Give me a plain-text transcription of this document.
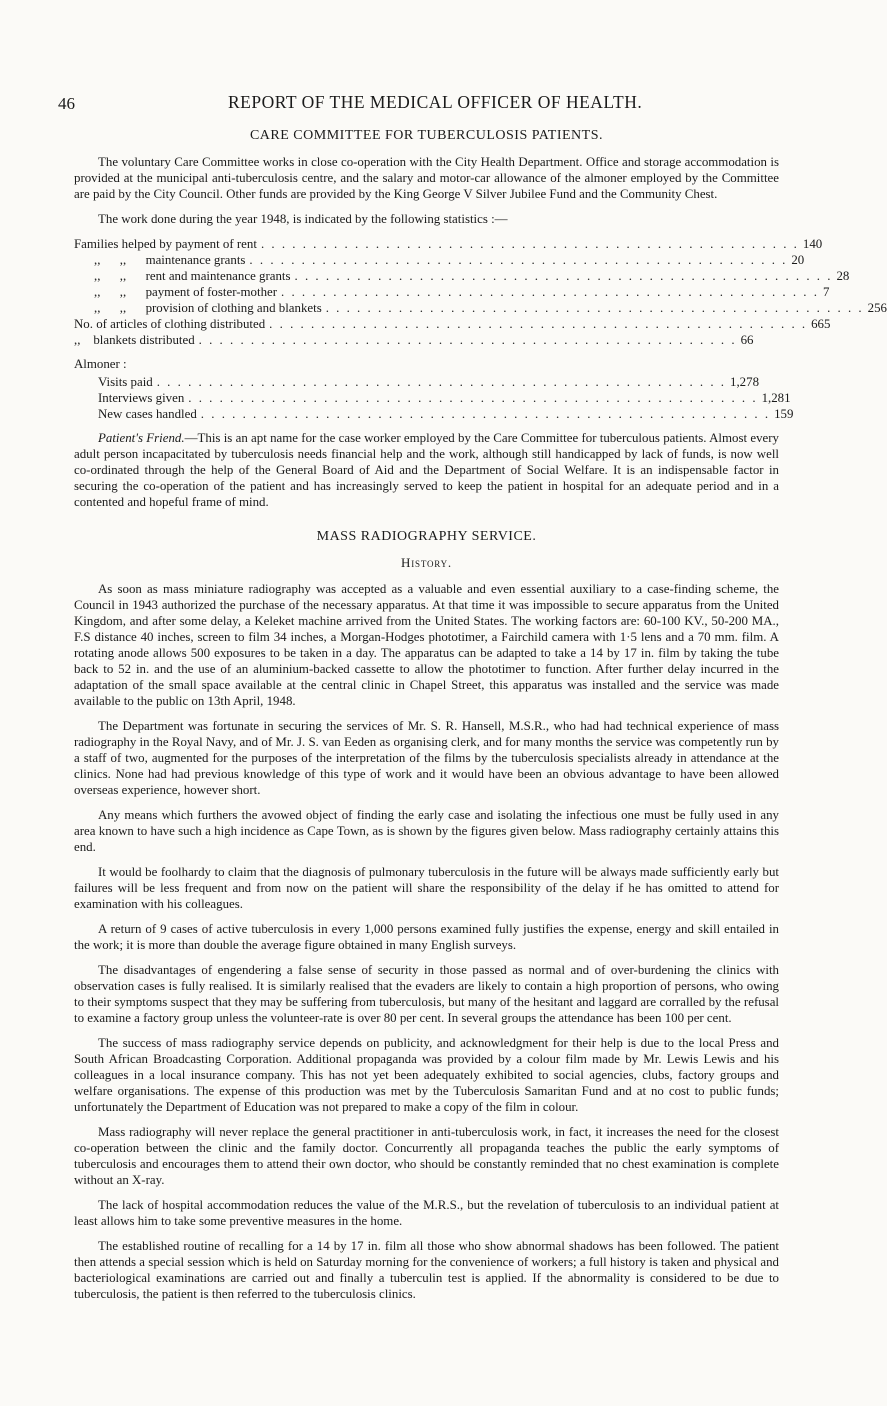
46	REPORT OF THE MEDICAL OFFICER OF HEALTH.
CARE COMMITTEE FOR TUBERCULOSIS PATIENTS.

The voluntary Care Committee works in close co-operation with the City Health Department. Office and storage accommodation is provided at the municipal anti-tuberculosis centre, and the salary and motor-car allowance of the almoner employed by the Committee are paid by the City Council. Other funds are provided by the King George V Silver Jubilee Fund and the Community Chest.

The work done during the year 1948, is indicated by the following statistics :—

Families helped by payment of rent . . . . . . . . . . . . . . . . . . . . . . . . . . . . . . . . . . . . . . . . . . . . . . . . . . . . 140
,,      ,,      maintenance grants . . . . . . . . . . . . . . . . . . . . . . . . . . . . . . . . . . . . . . . . . . . . . . . . . . . . 20
,,      ,,      rent and maintenance grants . . . . . . . . . . . . . . . . . . . . . . . . . . . . . . . . . . . . . . . . . . . . . . . . . . . . 28
,,      ,,      payment of foster-mother . . . . . . . . . . . . . . . . . . . . . . . . . . . . . . . . . . . . . . . . . . . . . . . . . . . . 7
,,      ,,      provision of clothing and blankets . . . . . . . . . . . . . . . . . . . . . . . . . . . . . . . . . . . . . . . . . . . . . . . . . . . . 256
No. of articles of clothing distributed . . . . . . . . . . . . . . . . . . . . . . . . . . . . . . . . . . . . . . . . . . . . . . . . . . . . 665
,,    blankets distributed . . . . . . . . . . . . . . . . . . . . . . . . . . . . . . . . . . . . . . . . . . . . . . . . . . . . 66
Almoner :
Visits paid . . . . . . . . . . . . . . . . . . . . . . . . . . . . . . . . . . . . . . . . . . . . . . . . . . . . . . . 1,278
Interviews given . . . . . . . . . . . . . . . . . . . . . . . . . . . . . . . . . . . . . . . . . . . . . . . . . . . . . . . 1,281
New cases handled . . . . . . . . . . . . . . . . . . . . . . . . . . . . . . . . . . . . . . . . . . . . . . . . . . . . . . . 159

Patient's Friend.—This is an apt name for the case worker employed by the Care Committee for tuberculous patients. Almost every adult person incapacitated by tuberculosis needs financial help and the work, although still handicapped by lack of funds, is now well co-ordinated through the help of the General Board of Aid and the Department of Social Welfare. It is an indispensable factor in securing the co-operation of the patient and has increasingly served to keep the patient in hospital for an adequate period and in a contented and hopeful frame of mind.

MASS RADIOGRAPHY SERVICE.
History.

As soon as mass miniature radiography was accepted as a valuable and even essential auxiliary to a case-finding scheme, the Council in 1943 authorized the purchase of the necessary apparatus. At that time it was impossible to secure apparatus from the United Kingdom, and after some delay, a Keleket machine arrived from the United States. The working factors are: 60-100 KV., 50-200 MA., F.S distance 40 inches, screen to film 34 inches, a Morgan-Hodges phototimer, a Fairchild camera with 1·5 lens and a 70 mm. film. A rotating anode allows 500 exposures to be taken in a day. The apparatus can be adapted to take a 14 by 17 in. film by taking the tube back to 52 in. and the use of an aluminium-backed cassette to allow the phototimer to function. After further delay incurred in the adaptation of the small space available at the central clinic in Chapel Street, this apparatus was installed and the service was made available to the public on 13th April, 1948.

The Department was fortunate in securing the services of Mr. S. R. Hansell, M.S.R., who had had technical experience of mass radiography in the Royal Navy, and of Mr. J. S. van Eeden as organising clerk, and for many months the service was competently run by a staff of two, augmented for the purposes of the interpretation of the films by the tuberculosis specialists already in attendance at the clinics. None had had previous knowledge of this type of work and it would have been an obvious advantage to have been allowed overseas experience, however short.

Any means which furthers the avowed object of finding the early case and isolating the infectious one must be fully used in any area known to have such a high incidence as Cape Town, as is shown by the figures given below. Mass radiography certainly attains this end.

It would be foolhardy to claim that the diagnosis of pulmonary tuberculosis in the future will be always made sufficiently early but failures will be less frequent and from now on the patient will share the responsibility of the delay if he has omitted to attend for examination with his colleagues.

A return of 9 cases of active tuberculosis in every 1,000 persons examined fully justifies the expense, energy and skill entailed in the work; it is more than double the average figure obtained in many English surveys.

The disadvantages of engendering a false sense of security in those passed as normal and of over-burdening the clinics with observation cases is fully realised. It is similarly realised that the evaders are likely to contain a high proportion of persons, who owing to their symptoms suspect that they may be suffering from tuberculosis, but many of the hesitant and laggard are corralled by the refusal to examine a factory group unless the volunteer-rate is over 80 per cent. In several groups the attendance has been 100 per cent.

The success of mass radiography service depends on publicity, and acknowledgment for their help is due to the local Press and South African Broadcasting Corporation. Additional propaganda was provided by a colour film made by Mr. Lewis Lewis and his colleagues in a local insurance company. This has not yet been adequately exhibited to social agencies, clubs, factory groups and welfare organisations. The expense of this production was met by the Tuberculosis Samaritan Fund and at no cost to public funds; unfortunately the Department of Education was not prepared to make a copy of the film in colour.

Mass radiography will never replace the general practitioner in anti-tuberculosis work, in fact, it increases the need for the closest co-operation between the clinic and the family doctor. Concurrently all propaganda teaches the public the early symptoms of tuberculosis and encourages them to attend their own doctor, who should be constantly reminded that no chest examination is complete without an X-ray.

The lack of hospital accommodation reduces the value of the M.R.S., but the revelation of tuberculosis to an individual patient at least allows him to take some preventive measures in the home.

The established routine of recalling for a 14 by 17 in. film all those who show abnormal shadows has been followed. The patient then attends a special session which is held on Saturday morning for the convenience of workers; a full history is taken and physical and bacteriological examinations are carried out and finally a tuberculin test is applied. If the abnormality is considered to be due to tuberculosis, the patient is then referred to the tuberculosis clinics.
